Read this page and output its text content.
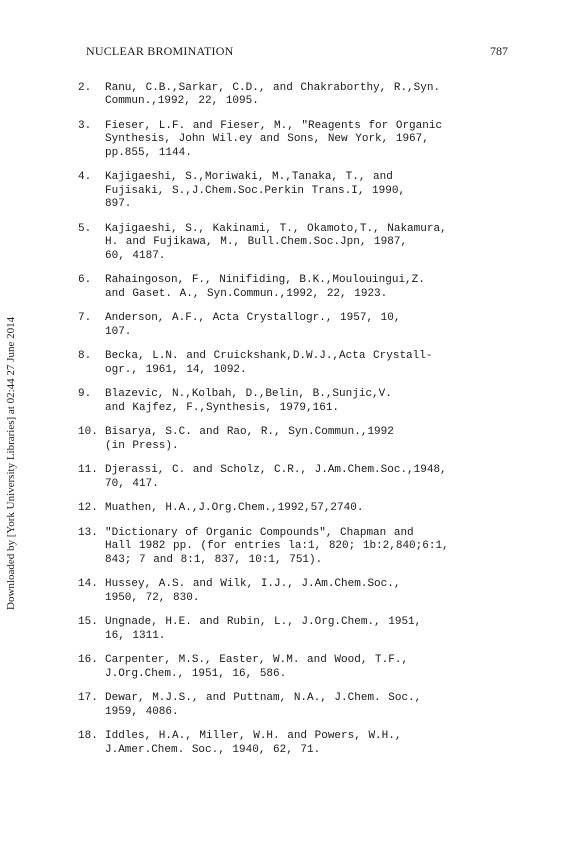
NUCLEAR BROMINATION	787
Downloaded by [York University Libraries] at 02:44 27 June 2014
2.	Ranu, C.B.,Sarkar, C.D., and Chakraborthy, R.,Syn.
Commun.,1992, 22, 1095.
3.	Fieser, L.F. and Fieser, M., "Reagents for Organic
Synthesis, John Wil.ey and Sons, New York, 1967,
pp.855, 1144.
4.	Kajigaeshi, S.,Moriwaki, M.,Tanaka, T., and
Fujisaki, S.,J.Chem.Soc.Perkin Trans.I, 1990,
897.
5.	Kajigaeshi, S., Kakinami, T., Okamoto,T., Nakamura,
H. and Fujikawa, M., Bull.Chem.Soc.Jpn, 1987,
60, 4187.
6.	Rahaingoson, F., Ninifiding, B.K.,Moulouingui,Z.
and Gaset. A., Syn.Commun.,1992, 22, 1923.
7.	Anderson, A.F., Acta Crystallogr., 1957, 10,
107.
8.	Becka, L.N. and Cruickshank,D.W.J.,Acta Crystall-
ogr., 1961, 14, 1092.
9.	Blazevic, N.,Kolbah, D.,Belin, B.,Sunjic,V.
and Kajfez, F.,Synthesis, 1979,161.
10. Bisarya, S.C. and Rao, R., Syn.Commun.,1992
(in Press).
11. Djerassi, C. and Scholz, C.R., J.Am.Chem.Soc.,1948,
70, 417.
12. Muathen, H.A.,J.Org.Chem.,1992,57,2740.
13. "Dictionary of Organic Compounds", Chapman and
Hall 1982 pp. (for entries la:1, 820; 1b:2,840;6:1,
843; 7 and 8:1, 837, 10:1, 751).
14. Hussey, A.S. and Wilk, I.J., J.Am.Chem.Soc.,
1950, 72, 830.
15. Ungnade, H.E. and Rubin, L., J.Org.Chem., 1951,
16, 1311.
16. Carpenter, M.S., Easter, W.M. and Wood, T.F.,
J.Org.Chem., 1951, 16, 586.
17. Dewar, M.J.S., and Puttnam, N.A., J.Chem. Soc.,
1959, 4086.
18. Iddles, H.A., Miller, W.H. and Powers, W.H.,
J.Amer.Chem. Soc., 1940, 62, 71.
